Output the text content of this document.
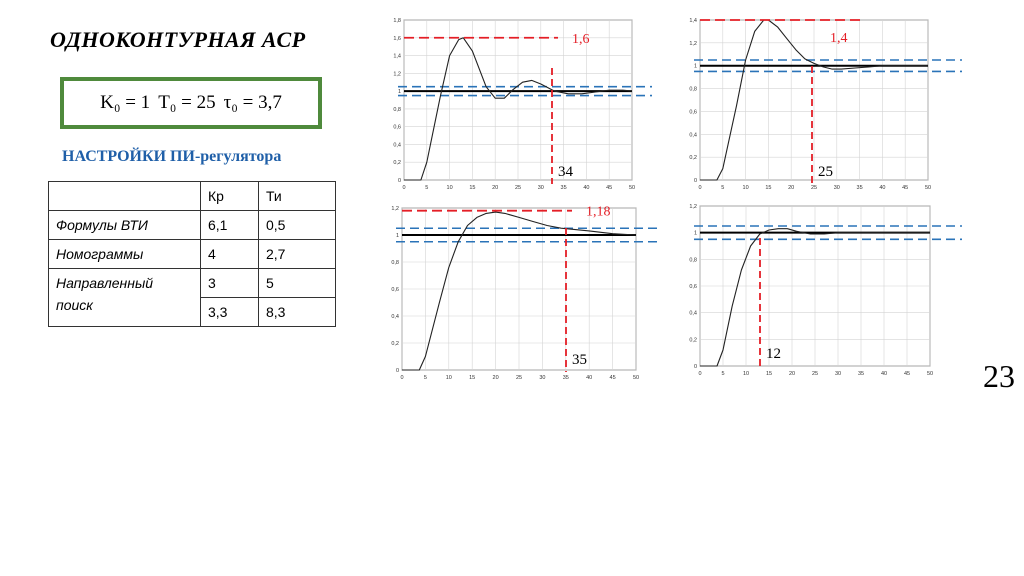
ОДНОКОНТУРНАЯ АСР
K₀ = 1 T₀ = 25 τ₀ = 3,7
НАСТРОЙКИ ПИ-регулятора
	Кр	Ти
Формулы ВТИ	6,1	0,5
Номограммы	4	2,7
Направленный поиск	3	5
	3,3	8,3
0	5	10	15	20	25	30	35	40	45	50
0
0,2
0,4
0,6
0,8
1
1,2
1,4
1,6
1,8
1,6
34
0	5	10	15	20	25	30	35	40	45	50
0
0,2
0,4
0,6
0,8
1
1,2
1,4
1,4
25
0	5	10	15	20	25	30	35	40	45	50
0
0,2
0,4
0,6
0,8
1
1,2	1,18
35
0	5	10	15	20	25	30	35	40	45	50
0
0,2
0,4
0,6
0,8
1
1,2
12
23
